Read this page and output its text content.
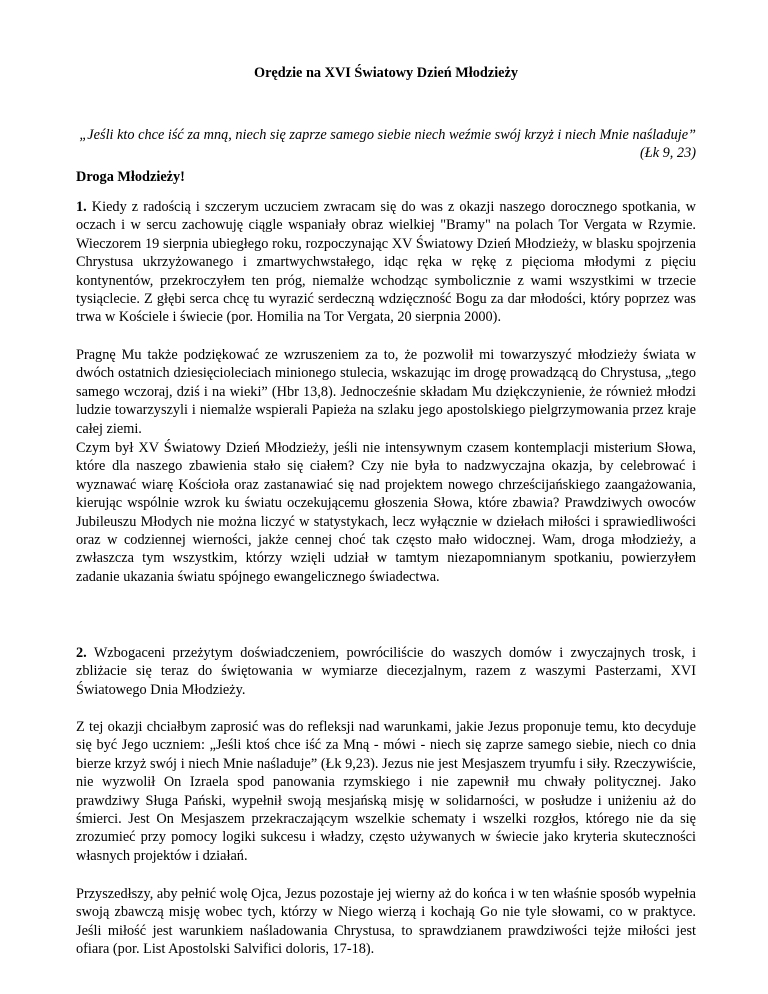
Orędzie na XVI Światowy Dzień Młodzieży

„Jeśli kto chce iść za mną, niech się zaprze samego siebie niech weźmie swój krzyż i niech Mnie naśladuje” (Łk 9, 23)

Droga Młodzieży!

1. Kiedy z radością i szczerym uczuciem zwracam się do was z okazji naszego dorocznego spotkania, w oczach i w sercu zachowuję ciągle wspaniały obraz wielkiej "Bramy" na polach Tor Vergata w Rzymie. Wieczorem 19 sierpnia ubiegłego roku, rozpoczynając XV Światowy Dzień Młodzieży, w blasku spojrzenia Chrystusa ukrzyżowanego i zmartwychwstałego, idąc ręka w rękę z pięcioma młodymi z pięciu kontynentów, przekroczyłem ten próg, niemalże wchodząc symbolicznie z wami wszystkimi w trzecie tysiąclecie. Z głębi serca chcę tu wyrazić serdeczną wdzięczność Bogu za dar młodości, który poprzez was trwa w Kościele i świecie (por. Homilia na Tor Vergata, 20 sierpnia 2000).

Pragnę Mu także podziękować ze wzruszeniem za to, że pozwolił mi towarzyszyć młodzieży świata w dwóch ostatnich dziesięcioleciach minionego stulecia, wskazując im drogę prowadzącą do Chrystusa, „tego samego wczoraj, dziś i na wieki” (Hbr 13,8). Jednocześnie składam Mu dziękczynienie, że również młodzi ludzie towarzyszyli i niemalże wspierali Papieża na szlaku jego apostolskiego pielgrzymowania przez kraje całej ziemi.

Czym był XV Światowy Dzień Młodzieży, jeśli nie intensywnym czasem kontemplacji misterium Słowa, które dla naszego zbawienia stało się ciałem? Czy nie była to nadzwyczajna okazja, by celebrować i wyznawać wiarę Kościoła oraz zastanawiać się nad projektem nowego chrześcijańskiego zaangażowania, kierując wspólnie wzrok ku światu oczekującemu głoszenia Słowa, które zbawia? Prawdziwych owoców Jubileuszu Młodych nie można liczyć w statystykach, lecz wyłącznie w dziełach miłości i sprawiedliwości oraz w codziennej wierności, jakże cennej choć tak często mało widocznej. Wam, droga młodzieży, a zwłaszcza tym wszystkim, którzy wzięli udział w tamtym niezapomnianym spotkaniu, powierzyłem zadanie ukazania światu spójnego ewangelicznego świadectwa.

2. Wzbogaceni przeżytym doświadczeniem, powróciliście do waszych domów i zwyczajnych trosk, i zbliżacie się teraz do świętowania w wymiarze diecezjalnym, razem z waszymi Pasterzami, XVI Światowego Dnia Młodzieży.

Z tej okazji chciałbym zaprosić was do refleksji nad warunkami, jakie Jezus proponuje temu, kto decyduje się być Jego uczniem: „Jeśli ktoś chce iść za Mną - mówi - niech się zaprze samego siebie, niech co dnia bierze krzyż swój i niech Mnie naśladuje” (Łk 9,23). Jezus nie jest Mesjaszem tryumfu i siły. Rzeczywiście, nie wyzwolił On Izraela spod panowania rzymskiego i nie zapewnił mu chwały politycznej. Jako prawdziwy Sługa Pański, wypełnił swoją mesjańską misję w solidarności, w posłudze i uniżeniu aż do śmierci. Jest On Mesjaszem przekraczającym wszelkie schematy i wszelki rozgłos, którego nie da się zrozumieć przy pomocy logiki sukcesu i władzy, często używanych w świecie jako kryteria skuteczności własnych projektów i działań.

Przyszedłszy, aby pełnić wolę Ojca, Jezus pozostaje jej wierny aż do końca i w ten właśnie sposób wypełnia swoją zbawczą misję wobec tych, którzy w Niego wierzą i kochają Go nie tyle słowami, co w praktyce. Jeśli miłość jest warunkiem naśladowania Chrystusa, to sprawdzianem prawdziwości tejże miłości jest ofiara (por. List Apostolski Salvifici doloris, 17-18).
